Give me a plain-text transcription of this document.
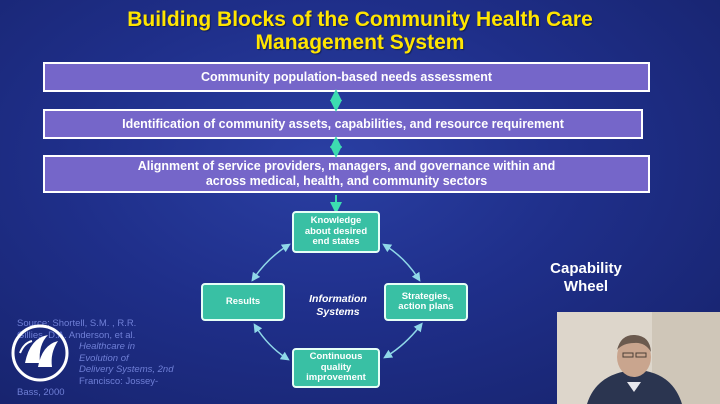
Building Blocks of the Community Health Care
Management System
Community population-based needs assessment
Identification of community assets, capabilities, and resource requirement
Alignment of service providers, managers, and governance within and
across medical, health, and community sectors
Knowledge
about desired
end states
Strategies,
action plans
Continuous
quality
improvement
Results	Information
Systems
Capability
Wheel
Source: Shortell, S.M. , R.R.
Gillies, D.A. Anderson, et al.
Healthcare in
Evolution of
Delivery Systems, 2nd
Francisco: Jossey-
Bass, 2000
